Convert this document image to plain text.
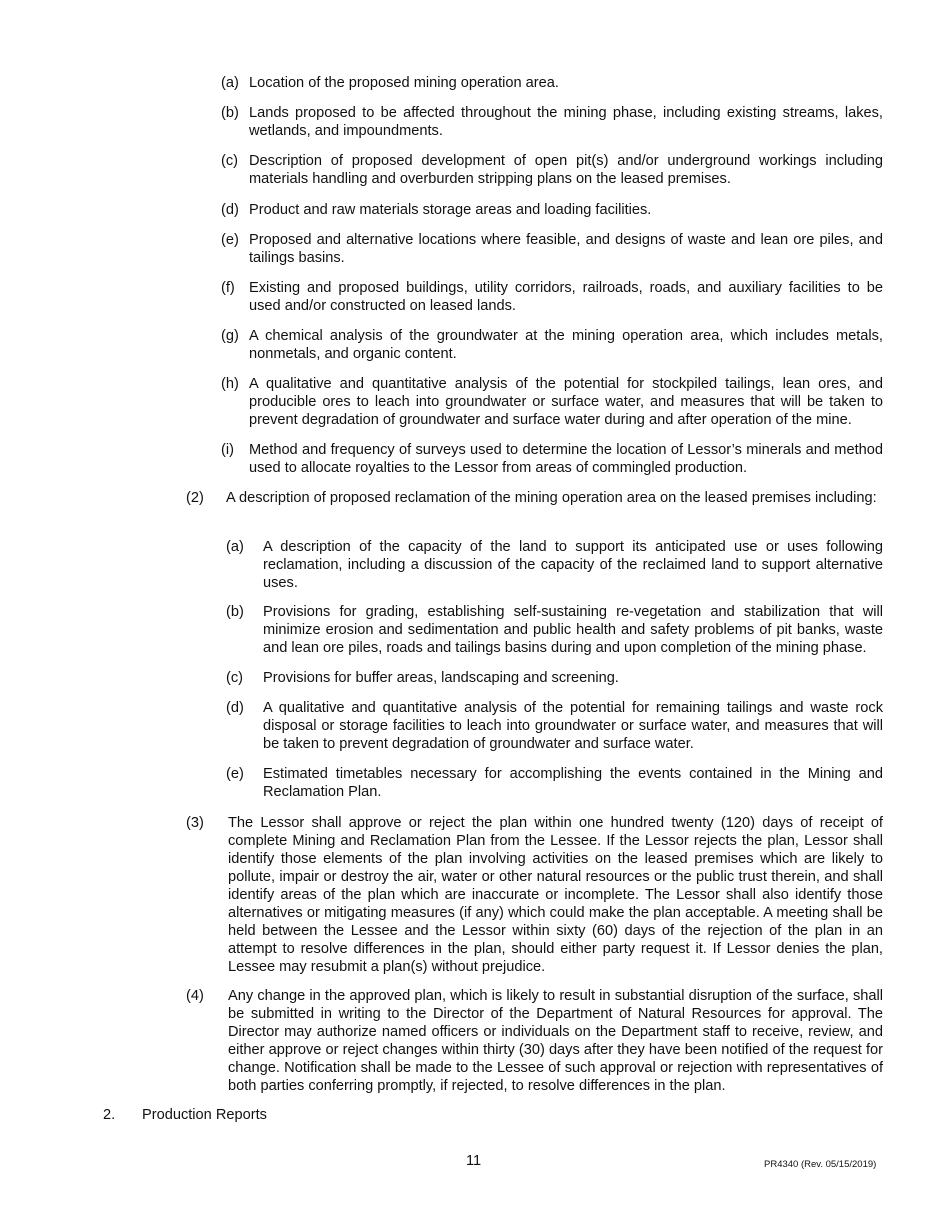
(a) Location of the proposed mining operation area.
(b) Lands proposed to be affected throughout the mining phase, including existing streams, lakes, wetlands, and impoundments.
(c) Description of proposed development of open pit(s) and/or underground workings including materials handling and overburden stripping plans on the leased premises.
(d) Product and raw materials storage areas and loading facilities.
(e) Proposed and alternative locations where feasible, and designs of waste and lean ore piles, and tailings basins.
(f) Existing and proposed buildings, utility corridors, railroads, roads, and auxiliary facilities to be used and/or constructed on leased lands.
(g) A chemical analysis of the groundwater at the mining operation area, which includes metals, nonmetals, and organic content.
(h) A qualitative and quantitative analysis of the potential for stockpiled tailings, lean ores, and producible ores to leach into groundwater or surface water, and measures that will be taken to prevent degradation of groundwater and surface water during and after operation of the mine.
(i)	Method and frequency of surveys used to determine the location of Lessor’s minerals and method used to allocate royalties to the Lessor from areas of commingled production.
(2)	A description of proposed reclamation of the mining operation area on the leased premises including:
(a)	A description of the capacity of the land to support its anticipated use or uses following reclamation, including a discussion of the capacity of the reclaimed land to support alternative uses.
(b)	Provisions for grading, establishing self-sustaining re-vegetation and stabilization that will minimize erosion and sedimentation and public health and safety problems of pit banks, waste and lean ore piles, roads and tailings basins during and upon completion of the mining phase.
(c)	Provisions for buffer areas, landscaping and screening.
(d)	A qualitative and quantitative analysis of the potential for remaining tailings and waste rock disposal or storage facilities to leach into groundwater or surface water, and measures that will be taken to prevent degradation of groundwater and surface water.
(e)	Estimated timetables necessary for accomplishing the events contained in the Mining and Reclamation Plan.
(3)	The Lessor shall approve or reject the plan within one hundred twenty (120) days of receipt of complete Mining and Reclamation Plan from the Lessee. If the Lessor rejects the plan, Lessor shall identify those elements of the plan involving activities on the leased premises which are likely to pollute, impair or destroy the air, water or other natural resources or the public trust therein, and shall identify areas of the plan which are inaccurate or incomplete. The Lessor shall also identify those alternatives or mitigating measures (if any) which could make the plan acceptable. A meeting shall be held between the Lessee and the Lessor within sixty (60) days of the rejection of the plan in an attempt to resolve differences in the plan, should either party request it. If Lessor denies the plan, Lessee may resubmit a plan(s) without prejudice.
(4)	Any change in the approved plan, which is likely to result in substantial disruption of the surface, shall be submitted in writing to the Director of the Department of Natural Resources for approval. The Director may authorize named officers or individuals on the Department staff to receive, review, and either approve or reject changes within thirty (30) days after they have been notified of the request for change. Notification shall be made to the Lessee of such approval or rejection with representatives of both parties conferring promptly, if rejected, to resolve differences in the plan.
2.	Production Reports
11	PR4340 (Rev. 05/15/2019)
